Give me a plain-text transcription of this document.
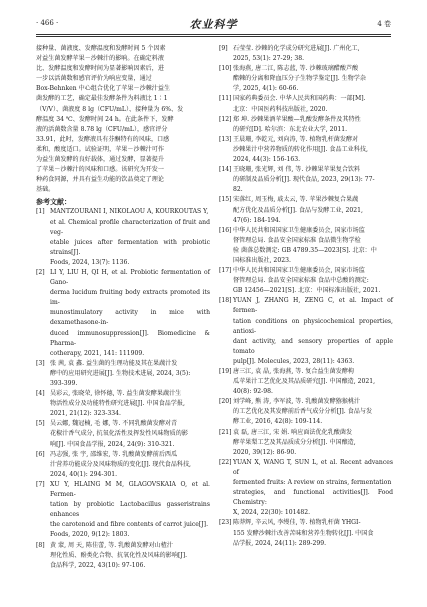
· 466 ·	农业科学	4 卷
接种量、菌液度、发酵温度和发酵时间 5 个因素
对益生菌发酵苹果－沙棘汁的影响。在确定料液
比、发酵温度和发酵时间为显著影响因素后，进
一步以活菌数和感官评价为响应变量，通过
Box-Behnken 中心组合优化了苹果－沙棘汁益生
菌发酵的工艺，确定最佳发酵条件为料液比 1∶1
（V/V）、菌液度 8 lg（CFU/mL）、接种量为 6%、发
酵温度 34 ℃、发酵时间 24 h。在此条件下，发酵
液的活菌数含量 8.78 lg（CFU/mL），感官评分
33.91，此时，发酵液具有芬酮特有的风味，口感
柔和，酸度适口。试验证明，苹果－沙棘汁可作
为益生菌发酵的良好载体，通过发酵，显著提升
了苹果－沙棘汁的风味和口感。该研究为开发一
种药食同源，并具有益生功能的饮品奠定了理论
基础。
参考文献：
[1] MANTZOURANI I, NIKOLAOU A, KOURKOUTAS Y,
et al. Chemical profile characterization of fruit and veg-
etable juices after fermentation with probiotic strains[J].
Foods, 2024, 13(7): 1136.
[2] LI Y, LIU H, QI H, et al. Probiotic fermentation of Gano-
derma lucidum fruiting body extracts promoted its im-
munostimulatory activity in mice with dexamethasone-in-
duced immunosuppression[J]. Biomedicine & Pharma-
cotherapy, 2021, 141: 111909.
[3] 张 茜, 袁 鑫. 益生菌的生理功能及其在果蔬汁发
酵中的应用研究进展[J]. 生物技术进展, 2024, 3(5):
393-399.
[4] 吴彩云, 张晓荣, 徐怀德, 等. 益生菌发酵果蔬汁生
物活性成分及功能特性研究进展[J]. 中国食品学报,
2021, 21(12): 323-334.
[5] 吴云娜, 魏冠楠, 毛 娜, 等. 不同乳酸菌发酵对青
花椒汁香气成分, 抗氧化活性及挥发性风味物质的影
响[J]. 中国食品学报, 2024, 24(9): 310-321.
[6] 冯志强, 张 宇, 邵维宏, 等. 乳酸菌发酵前后西瓜
汁营养功能成分及风味物质的变化[J]. 现代食品科技,
2024, 40(1): 294-301.
[7] XU Y, HLAING M M, GLAGOVSKAIA O, et al. Fermen-
tation by probiotic Lactobacillus gasseristrains enhances
the carotenoid and fibre contents of carrot juice[J].
Foods, 2020, 9(12): 1803.
[8] 黄 蒙, 周 天, 陈佳蕾, 等. 乳酸菌发酵对山楂汁
理化性质、酚类化合物、抗氧化性及风味的影响[J].
食品科学, 2022, 43(10): 97-106.
[9] 石莹莹. 沙棘的化学成分研究进展[J]. 广州化工,
2025, 53(1): 27-29; 38.
[10] 张海燕, 唐二江, 陈志蓝, 等. 沙棘玻璃醋酸芦酸
酯棘的分离和降血压分子生物学鉴定[J]. 生物学杂
学, 2025, 4(1): 60-66.
[11] 国家药典委员会. 中华人民共和国药典：一部[M].
北京：中国医药科技出版社, 2020.
[12] 郑 坤. 沙棘果酒苹果酸—乳酸发酵条件及其特性
的研究[D]. 哈尔滨：东北农业大学, 2011.
[13] 王晨珊, 李乾元, 刘向涛, 等. 植物乳杆菌发酵对
沙棘果汁中营养物质的转化作用[J]. 食品工业科技,
2024, 44(3): 156-163.
[14] 王晓珊, 张光辉, 刘 伟, 等. 沙棘果苹果复合饮料
的研制及品质分析[J]. 现代食品, 2023, 29(13): 77-
82.
[15] 宋落红, 周玉梅, 戚太云, 等. 苹果沙棘复合果蔬
配方优化及品质分析[J]. 食品与发酵工业, 2021,
47(6): 184-194.
[16] 中华人民共和国国家卫生健康委员会, 国家市场监
督管理总局. 食品安全国家标准 食品微生物学检
验 菌落总数测定: GB 4789.35—2023[S]. 北京：中
国标准出版社, 2023.
[17] 中华人民共和国国家卫生健康委员会, 国家市场监
督管理总局. 食品安全国家标准 食品中总酸的测定:
GB 12456—2021[S]. 北京：中国标准出版社, 2021.
[18] YUAN J, ZHANG H, ZENG C, et al. Impact of fermen-
tation conditions on physicochemical properties, antioxi-
dant activity, and sensory properties of apple tomato
pulp[J]. Molecules, 2023, 28(11): 4363.
[19] 唐三江, 袁 晶, 张海燕, 等. 复合益生菌发酵枸
瓜苹果汁工艺优化及其品质研究[J]. 中国酿造, 2021,
40(8): 92-98.
[20] 刘学峰, 熊 涛, 李军波, 等. 乳酸菌发酵猕猴桃汁
的工艺优化及其发酵前后香气成分分析[J]. 食品与发
酵工业, 2016, 42(8): 109-114.
[21] 袁 磊, 唐三江, 宋 娟. 响应面法优化乳酸菌发
酵苹果梨工艺及其品质成分分析[J]. 中国酿造,
2020, 39(12): 86-90.
[22] YUAN X, WANG T, SUN L, et al. Recent advances of
fermented fruits: A review on strains, fermentation
strategies, and functional activities[J]. Food Chemistry:
X, 2024, 22(30): 101482.
[23] 陈莽辉, 辛云风, 李缦佳, 等. 植物乳杆菌 YHGI-
155 发酵沙棘汁改善苦味和营养生物转化[J]. 中国食
品学报, 2024, 24(11): 289-299.
